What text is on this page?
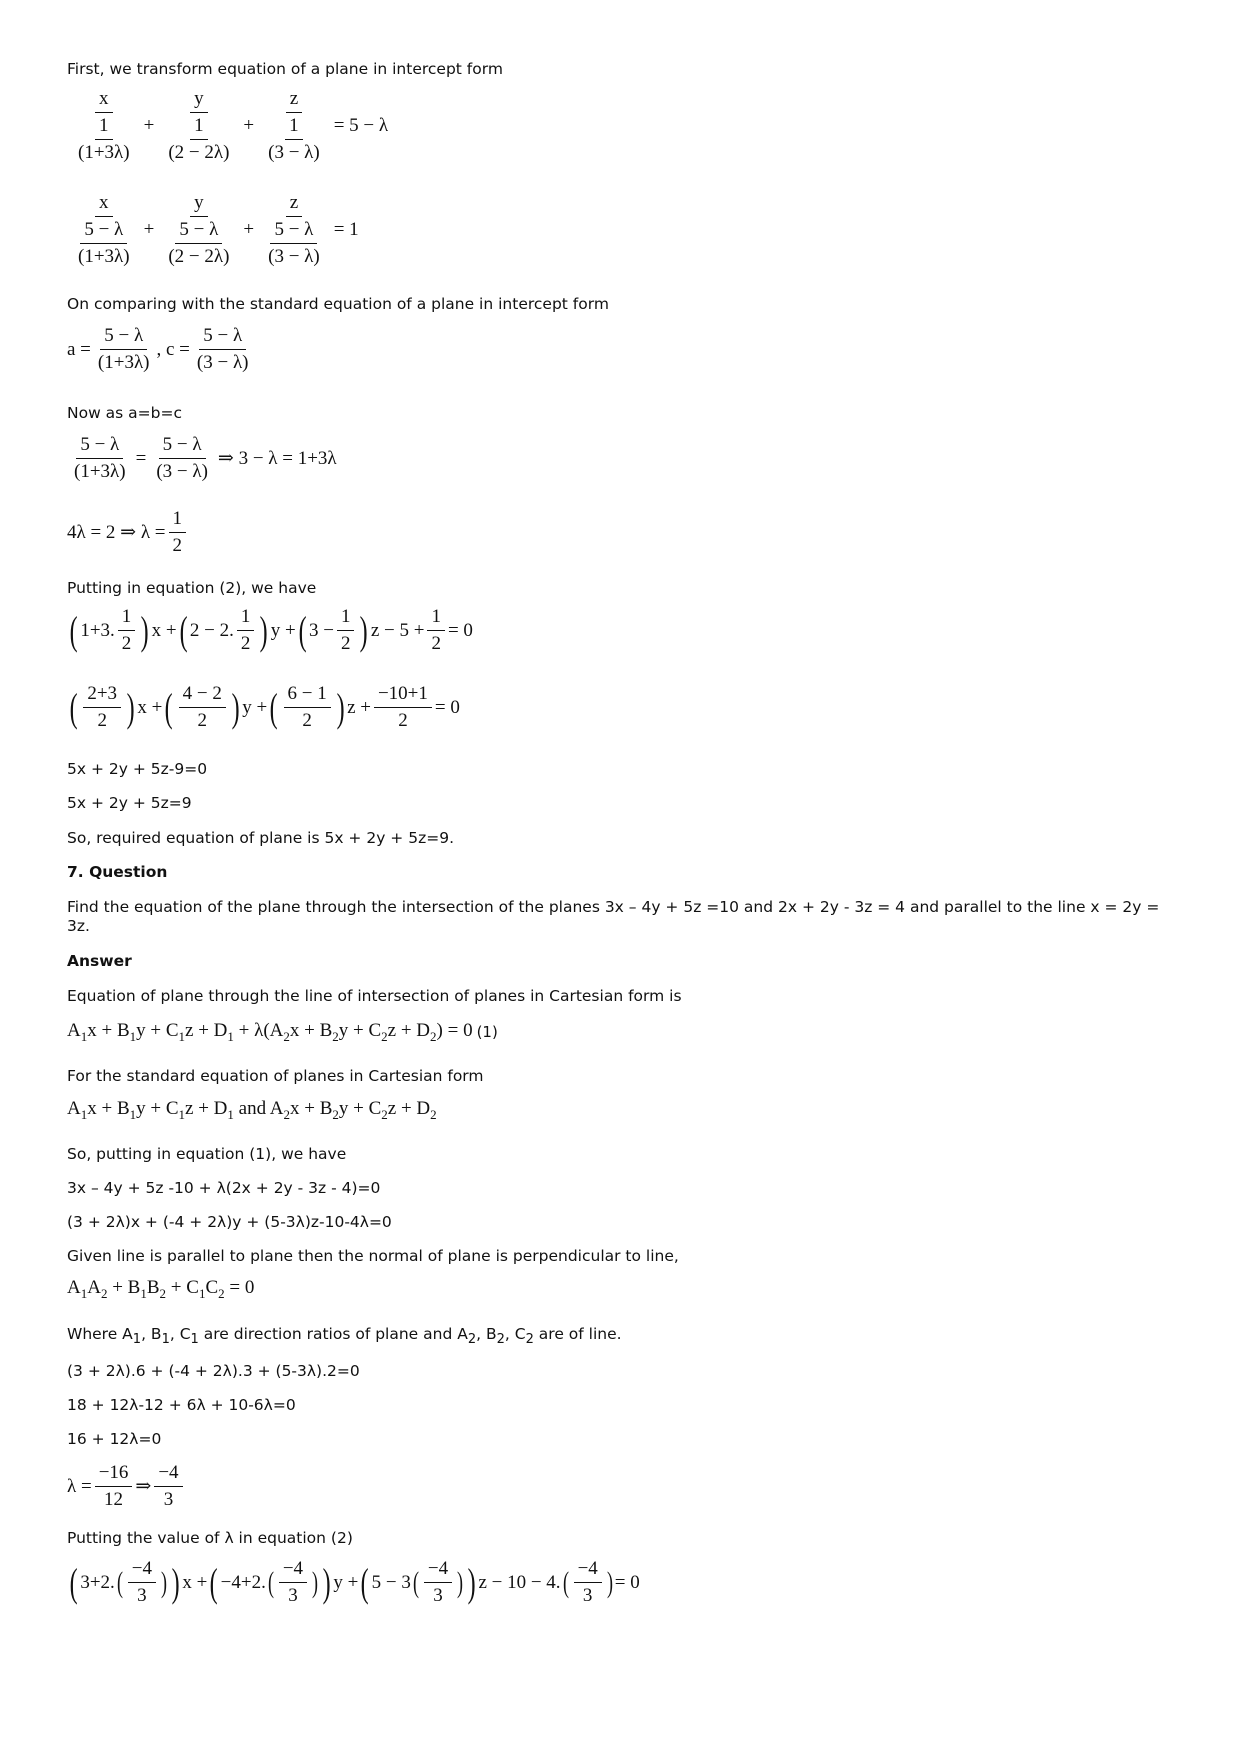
First, we transform equation of a plane in intercept form
$\frac{x}{\frac{1}{(1+3\lambda)}} + \frac{y}{\frac{1}{(2 - 2\lambda)}} + \frac{z}{\frac{1}{(3 - \lambda)}} = 5 - \lambda$
$\frac{x}{\frac{5 - \lambda}{(1+3\lambda)}} + \frac{y}{\frac{5 - \lambda}{(2 - 2\lambda)}} + \frac{z}{\frac{5 - \lambda}{(3 - \lambda)}} = 1$
On comparing with the standard equation of a plane in intercept form
$a = \frac{5 - \lambda}{(1+3\lambda)}$ , $c = \frac{5 - \lambda}{(3 - \lambda)}$
Now as a=b=c
$\frac{5 - \lambda}{(1+3\lambda)} = \frac{5 - \lambda}{(3 - \lambda)}$ ⇒ 3 − λ = 1+3λ
4λ = 2 ⇒ $\lambda = \frac{1}{2}$
Putting in equation (2), we have
( 1+3. $\frac{1}{2}$ ) x + ( 2 − 2. $\frac{1}{2}$ ) y + ( $3 - \frac{1}{2}$ ) $z - 5 + \frac{1}{2} = 0$
( $\frac{2+3}{2}$ ) x + ( $\frac{4 - 2}{2}$ ) y + ( $\frac{6 - 1}{2}$ ) $z + \frac{-10+1}{2} = 0$
5x + 2y + 5z-9=0
5x + 2y + 5z=9
So, required equation of plane is 5x + 2y + 5z=9.
7. Question
Find the equation of the plane through the intersection of the planes 3x – 4y + 5z =10 and 2x + 2y - 3z = 4 and parallel to the line x = 2y = 3z.
Answer
Equation of plane through the line of intersection of planes in Cartesian form is
$A_1x + B_1y + C_1z + D_1 + \lambda(A_2x + B_2y + C_2z + D_2) = 0$ (1)
For the standard equation of planes in Cartesian form
$A_1x + B_1y + C_1z + D_1$ and $A_2x + B_2y + C_2z + D_2$
So, putting in equation (1), we have
3x – 4y + 5z -10 + λ(2x + 2y - 3z - 4)=0
(3 + 2λ)x + (-4 + 2λ)y + (5-3λ)z-10-4λ=0
Given line is parallel to plane then the normal of plane is perpendicular to line,
$A_1A_2 + B_1B_2 + C_1C_2 = 0$
Where $A_1$, $B_1$, $C_1$ are direction ratios of plane and $A_2$, $B_2$, $C_2$ are of line.
(3 + 2λ).6 + (-4 + 2λ).3 + (5-3λ).2=0
18 + 12λ-12 + 6λ + 10-6λ=0
16 + 12λ=0
$\lambda = \frac{-16}{12}$ ⇒ $\frac{-4}{3}$
Putting the value of λ in equation (2)
( 3+2. ( $\frac{-4}{3}$ ) ) x + ( −4+2. ( $\frac{-4}{3}$ ) ) y + ( 5 − 3 ( $\frac{-4}{3}$ ) ) z − 10 − 4. ( $\frac{-4}{3}$ ) = 0
